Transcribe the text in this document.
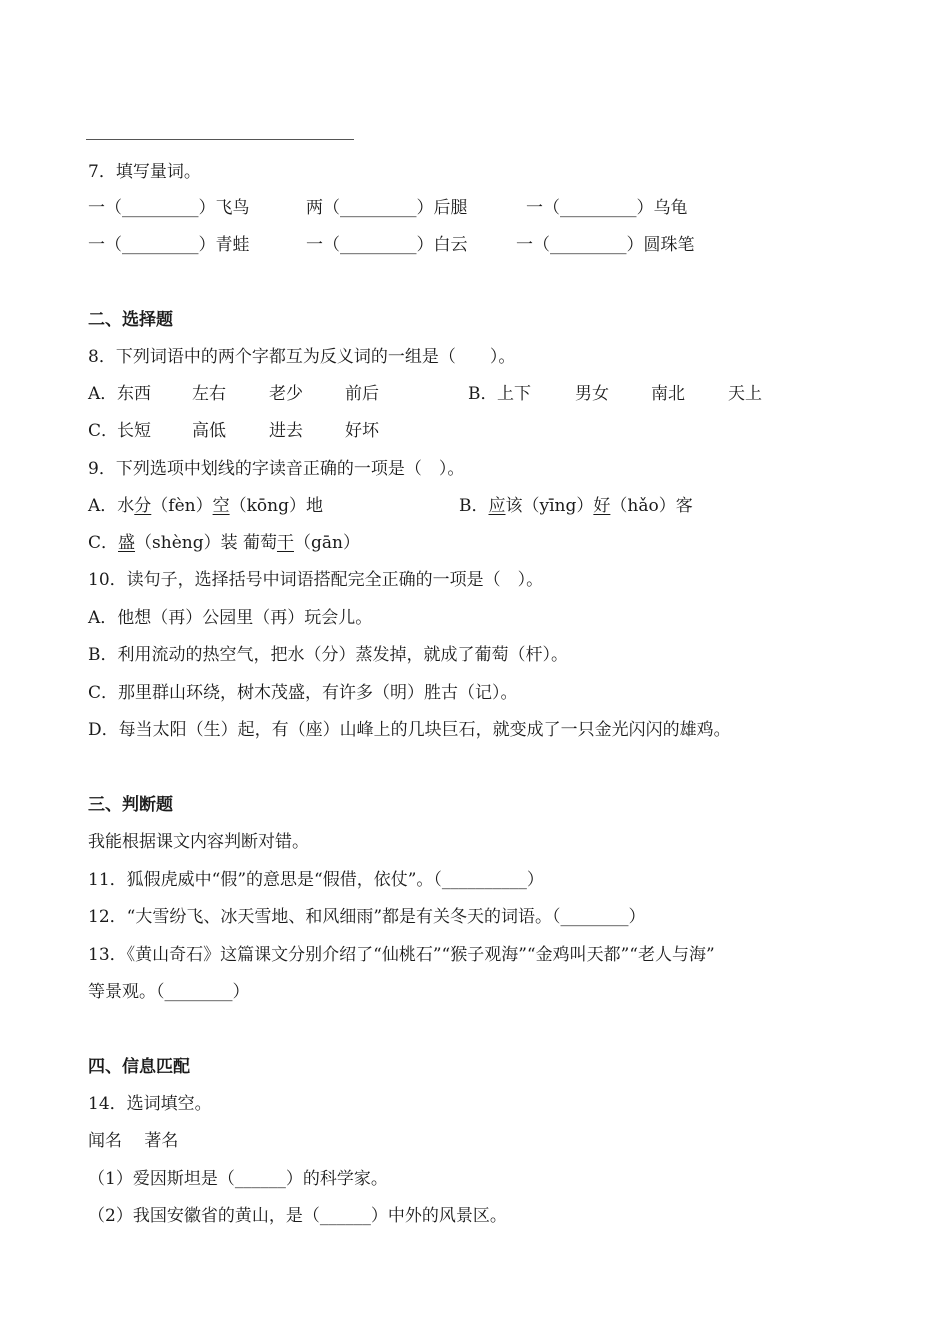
7．填写量词。
一（_________）飞鸟	两（_________）后腿	一（_________）乌龟
一（_________）青蛙	一（_________）白云	一（_________）圆珠笔
二、选择题
8．下列词语中的两个字都互为反义词的一组是（　　）。
A． 东西 左右	老少 前后	B． 上下	男女 南北	天上
C．
长短 高低	进去 好坏
9．下列选项中划线的字读音正确的一项是（　）。
A．水分（fèn）空（kōng）地	B．应该（yīng）好（hǎo）客
C．盛（shèng）装 葡萄干（gān）
10．读句子，选择括号中词语搭配完全正确的一项是（　）。
A．他想（再）公园里（再）玩会儿。
B．利用流动的热空气，把水（分）蒸发掉，就成了葡萄（杆）。
C．那里群山环绕，树木茂盛，有许多（明）胜古（记）。
D．每当太阳（生）起，有（座）山峰上的几块巨石，就变成了一只金光闪闪的雄鸡。
三、判断题
我能根据课文内容判断对错。
11．狐假虎威中“假”的意思是“假借，依仗”。（__________）
12．“大雪纷飞、冰天雪地、和风细雨”都是有关冬天的词语。（________）
13．《黄山奇石》这篇课文分别介绍了“仙桃石”“猴子观海”“金鸡叫天都”“老人与海”
等景观。（________）
四、信息匹配
14．选词填空。
闻名　 著名
（1）爱因斯坦是（______）的科学家。
（2）我国安徽省的黄山，是（______）中外的风景区。
